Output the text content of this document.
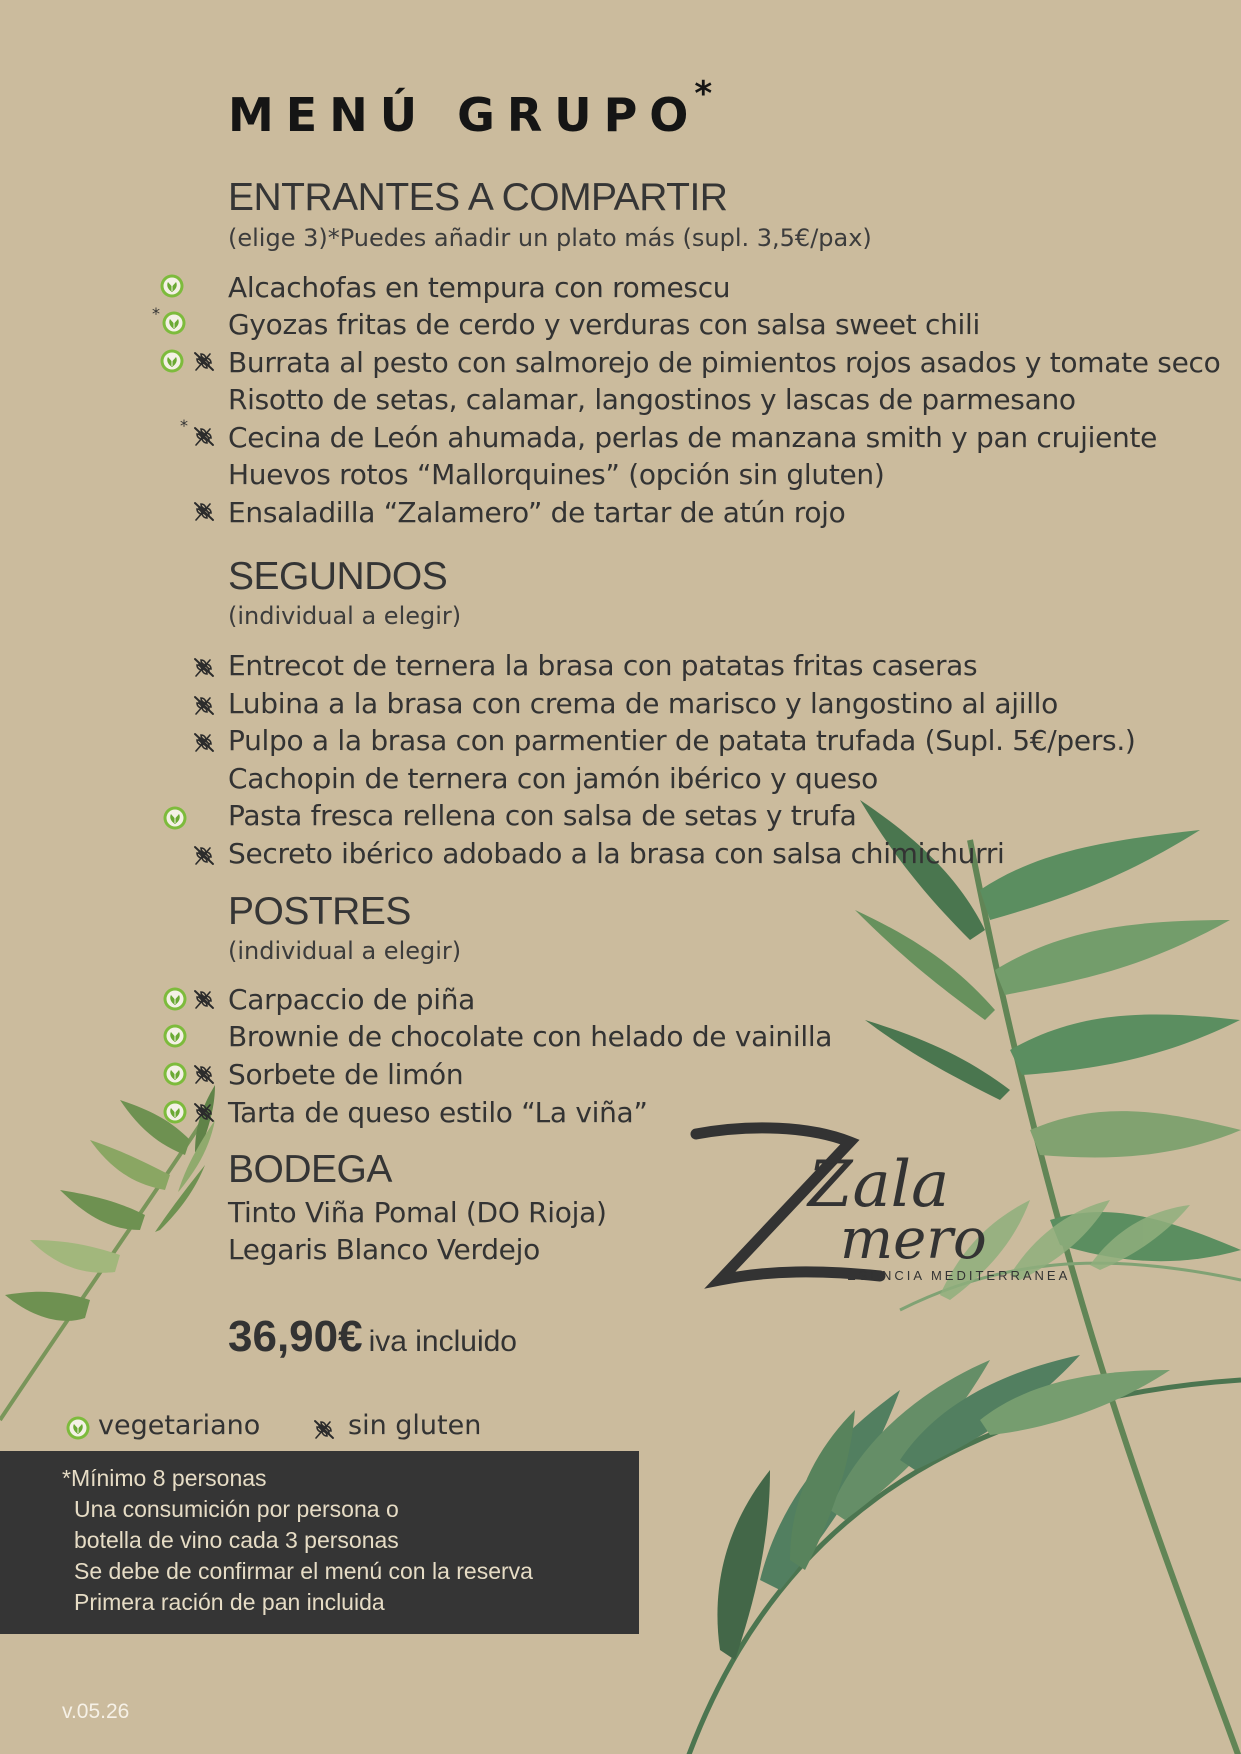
MENÚ GRUPO*
ENTRANTES A COMPARTIR
(elige 3)*Puedes añadir un plato más (supl. 3,5€/pax)
Alcachofas en tempura con romescu
* Gyozas fritas de cerdo y verduras con salsa sweet chili
Burrata al pesto con salmorejo de pimientos rojos asados y tomate seco
Risotto de setas, calamar, langostinos y lascas de parmesano
* Cecina de León ahumada, perlas de manzana smith y pan crujiente
Huevos rotos “Mallorquines” (opción sin gluten)
Ensaladilla “Zalamero” de tartar de atún rojo
SEGUNDOS
(individual a elegir)
Entrecot de ternera la brasa con patatas fritas caseras
Lubina a la brasa con crema de marisco y langostino al ajillo
Pulpo a la brasa con parmentier de patata trufada (Supl. 5€/pers.)
Cachopin de ternera con jamón ibérico y queso
Pasta fresca rellena con salsa de setas y trufa
Secreto ibérico adobado a la brasa con salsa chimichurri
POSTRES
(individual a elegir)
Carpaccio de piña
Brownie de chocolate con helado de vainilla
Sorbete de limón
Tarta de queso estilo “La viña”
BODEGA
Tinto Viña Pomal (DO Rioja)
Legaris Blanco Verdejo
Zala
mero
ESENCIA MEDITERRANEA
36,90€ iva incluido
vegetariano	sin gluten
*Mínimo 8 personas
Una consumición por persona o
botella de vino cada 3 personas
Se debe de confirmar el menú con la reserva
Primera ración de pan incluida
v.05.26
